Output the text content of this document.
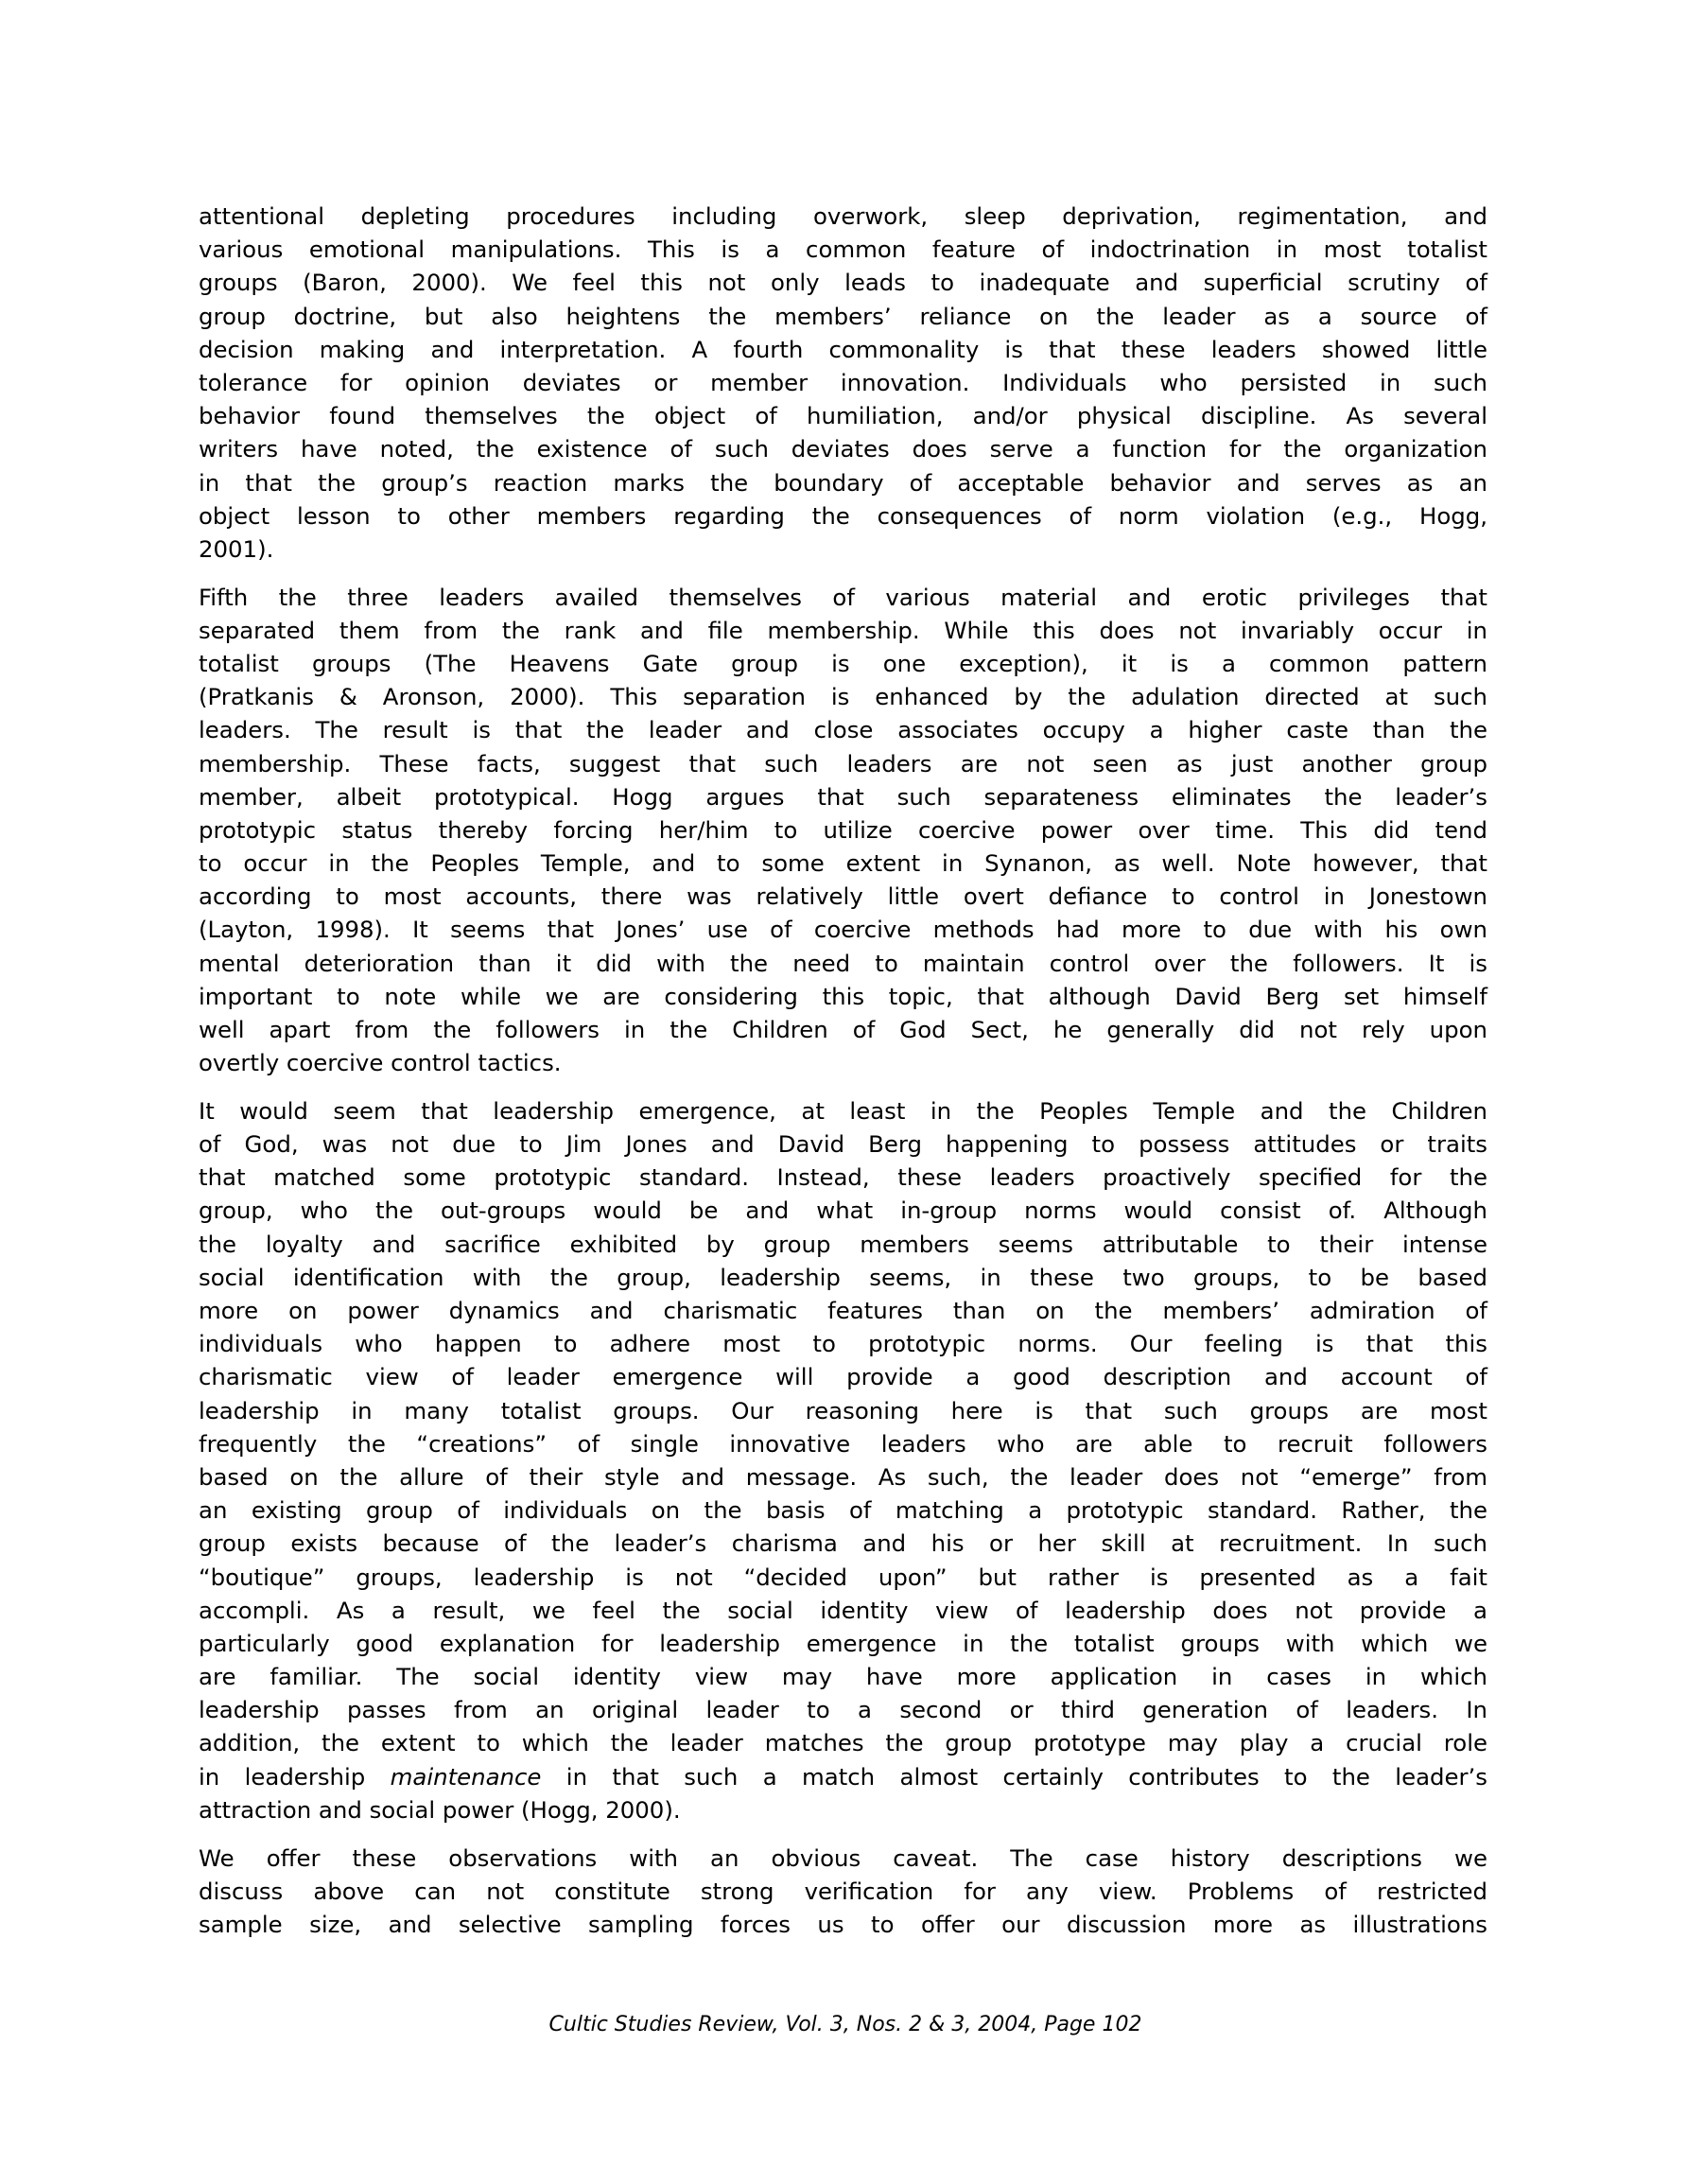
attentional depleting procedures including overwork, sleep deprivation, regimentation, and
various emotional manipulations. This is a common feature of indoctrination in most totalist
groups (Baron, 2000). We feel this not only leads to inadequate and superficial scrutiny of
group doctrine, but also heightens the members’ reliance on the leader as a source of
decision making and interpretation. A fourth commonality is that these leaders showed little
tolerance for opinion deviates or member innovation. Individuals who persisted in such
behavior found themselves the object of humiliation, and/or physical discipline. As several
writers have noted, the existence of such deviates does serve a function for the organization
in that the group’s reaction marks the boundary of acceptable behavior and serves as an
object lesson to other members regarding the consequences of norm violation (e.g., Hogg,
2001).
Fifth the three leaders availed themselves of various material and erotic privileges that
separated them from the rank and file membership. While this does not invariably occur in
totalist groups (The Heavens Gate group is one exception), it is a common pattern
(Pratkanis & Aronson, 2000). This separation is enhanced by the adulation directed at such
leaders. The result is that the leader and close associates occupy a higher caste than the
membership. These facts, suggest that such leaders are not seen as just another group
member, albeit prototypical. Hogg argues that such separateness eliminates the leader’s
prototypic status thereby forcing her/him to utilize coercive power over time. This did tend
to occur in the Peoples Temple, and to some extent in Synanon, as well. Note however, that
according to most accounts, there was relatively little overt defiance to control in Jonestown
(Layton, 1998). It seems that Jones’ use of coercive methods had more to due with his own
mental deterioration than it did with the need to maintain control over the followers. It is
important to note while we are considering this topic, that although David Berg set himself
well apart from the followers in the Children of God Sect, he generally did not rely upon
overtly coercive control tactics.
It would seem that leadership emergence, at least in the Peoples Temple and the Children
of God, was not due to Jim Jones and David Berg happening to possess attitudes or traits
that matched some prototypic standard. Instead, these leaders proactively specified for the
group, who the out-groups would be and what in-group norms would consist of. Although
the loyalty and sacrifice exhibited by group members seems attributable to their intense
social identification with the group, leadership seems, in these two groups, to be based
more on power dynamics and charismatic features than on the members’ admiration of
individuals who happen to adhere most to prototypic norms. Our feeling is that this
charismatic view of leader emergence will provide a good description and account of
leadership in many totalist groups. Our reasoning here is that such groups are most
frequently the “creations” of single innovative leaders who are able to recruit followers
based on the allure of their style and message. As such, the leader does not “emerge” from
an existing group of individuals on the basis of matching a prototypic standard. Rather, the
group exists because of the leader’s charisma and his or her skill at recruitment. In such
“boutique” groups, leadership is not “decided upon” but rather is presented as a fait
accompli. As a result, we feel the social identity view of leadership does not provide a
particularly good explanation for leadership emergence in the totalist groups with which we
are familiar. The social identity view may have more application in cases in which
leadership passes from an original leader to a second or third generation of leaders. In
addition, the extent to which the leader matches the group prototype may play a crucial role
in leadership maintenance in that such a match almost certainly contributes to the leader’s
attraction and social power (Hogg, 2000).
We offer these observations with an obvious caveat. The case history descriptions we
discuss above can not constitute strong verification for any view. Problems of restricted
sample size, and selective sampling forces us to offer our discussion more as illustrations
Cultic Studies Review, Vol. 3, Nos. 2 & 3, 2004, Page 102
